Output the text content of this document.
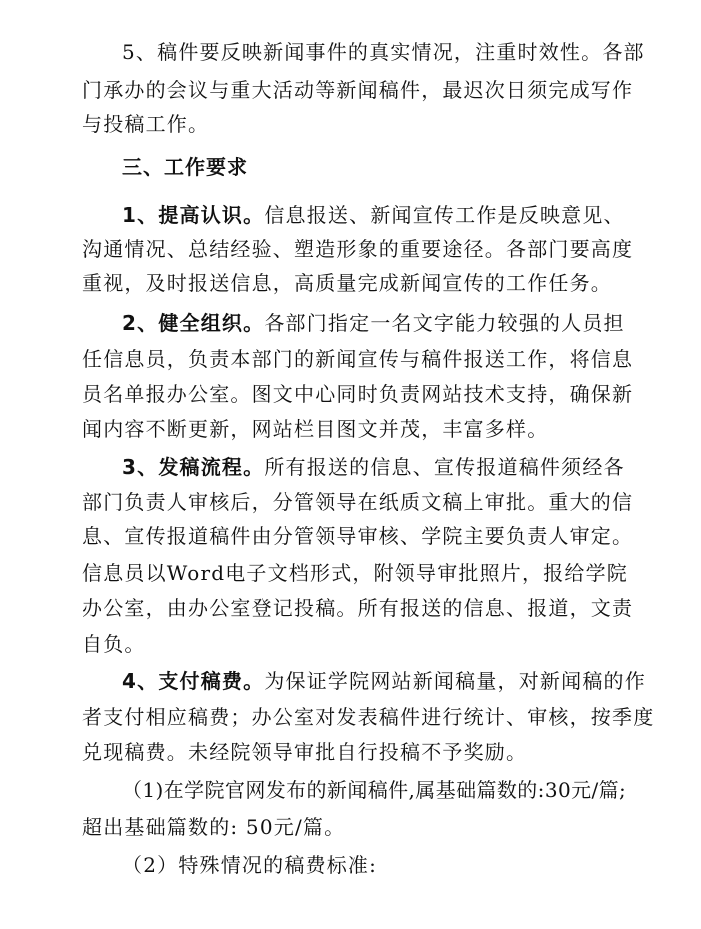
5、稿件要反映新闻事件的真实情况，注重时效性。各部
门承办的会议与重大活动等新闻稿件，最迟次日须完成写作
与投稿工作。
三、工作要求
1、提高认识。信息报送、新闻宣传工作是反映意见、
沟通情况、总结经验、塑造形象的重要途径。各部门要高度
重视，及时报送信息，高质量完成新闻宣传的工作任务。
2、健全组织。各部门指定一名文字能力较强的人员担
任信息员，负责本部门的新闻宣传与稿件报送工作，将信息
员名单报办公室。图文中心同时负责网站技术支持，确保新
闻内容不断更新，网站栏目图文并茂，丰富多样。
3、发稿流程。所有报送的信息、宣传报道稿件须经各
部门负责人审核后，分管领导在纸质文稿上审批。重大的信
息、宣传报道稿件由分管领导审核、学院主要负责人审定。
信息员以Word电子文档形式，附领导审批照片，报给学院
办公室，由办公室登记投稿。所有报送的信息、报道，文责
自负。
4、支付稿费。为保证学院网站新闻稿量，对新闻稿的作
者支付相应稿费；办公室对发表稿件进行统计、审核，按季度
兑现稿费。未经院领导审批自行投稿不予奖励。
（1)在学院官网发布的新闻稿件,属基础篇数的:30元/篇;
超出基础篇数的: 50元/篇。
（2）特殊情况的稿费标准:
